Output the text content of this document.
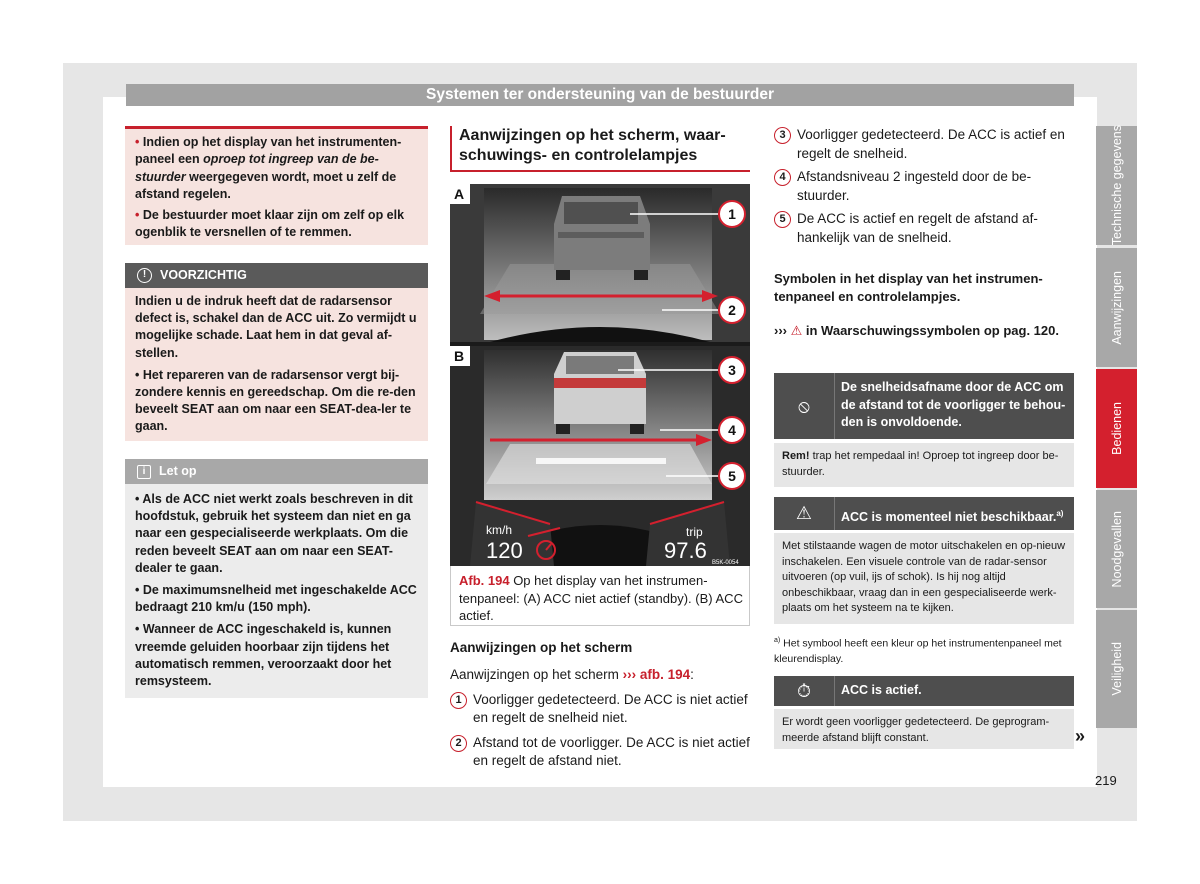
Systemen ter ondersteuning van de bestuurder

• Indien op het display van het instrumenten-paneel een oproep tot ingreep van de be-stuurder weergegeven wordt, moet u zelf de afstand regelen.

• De bestuurder moet klaar zijn om zelf op elk ogenblik te versnellen of te remmen.

!	VOORZICHTIG

Indien u de indruk heeft dat de radarsensor defect is, schakel dan de ACC uit. Zo vermijdt u mogelijke schade. Laat hem in dat geval af-stellen.

• Het repareren van de radarsensor vergt bij-zondere kennis en gereedschap. Om die re-den beveelt SEAT aan om naar een SEAT-dea-ler te gaan.

i	Let op

• Als de ACC niet werkt zoals beschreven in dit hoofdstuk, gebruik het systeem dan niet en ga naar een gespecialiseerde werkplaats. Om die reden beveelt SEAT aan om naar een SEAT-dealer te gaan.

• De maximumsnelheid met ingeschakelde ACC bedraagt 210 km/u (150 mph).

• Wanneer de ACC ingeschakeld is, kunnen vreemde geluiden hoorbaar zijn tijdens het automatisch remmen, veroorzaakt door het remsysteem.

Aanwijzingen op het scherm, waar-schuwings- en controlelampjes
A
B
km/h
120
trip
97.6 B5K-0054
1
2
3
4
5
Afb. 194 Op het display van het instrumen-tenpaneel: (A) ACC niet actief (standby). (B) ACC actief.
Aanwijzingen op het scherm
Aanwijzingen op het scherm ››› afb. 194:
1 Voorligger gedetecteerd. De ACC is niet actief en regelt de snelheid niet.
2 Afstand tot de voorligger. De ACC is niet actief en regelt de afstand niet.
3 Voorligger gedetecteerd. De ACC is actief en regelt de snelheid.
4 Afstandsniveau 2 ingesteld door de be-stuurder.
5 De ACC is actief en regelt de afstand af-hankelijk van de snelheid.
Symbolen in het display van het instrumen-tenpaneel en controlelampjes.
››› ⚠ in Waarschuwingssymbolen op pag. 120.
⦸
De snelheidsafname door de ACC om de afstand tot de voorligger te behou-den is onvoldoende.
Rem! trap het rempedaal in! Oproep tot ingreep door be-stuurder.
⚠	ACC is momenteel niet beschikbaar.$^{a)}$
Met stilstaande wagen de motor uitschakelen en op-nieuw inschakelen. Een visuele controle van de radar-sensor uitvoeren (op vuil, ijs of schok). Is hij nog altijd onbeschikbaar, vraag dan in een gespecialiseerde werk-plaats om het systeem na te kijken.
$^{a)}$ Het symbool heeft een kleur op het instrumentenpaneel met kleurendisplay.
⏱	ACC is actief.
Er wordt geen voorligger gedetecteerd. De geprogram-meerde afstand blijft constant.	»
Technische gegevens
Aanwijzingen
Bedienen
Noodgevallen
Veiligheid
219
